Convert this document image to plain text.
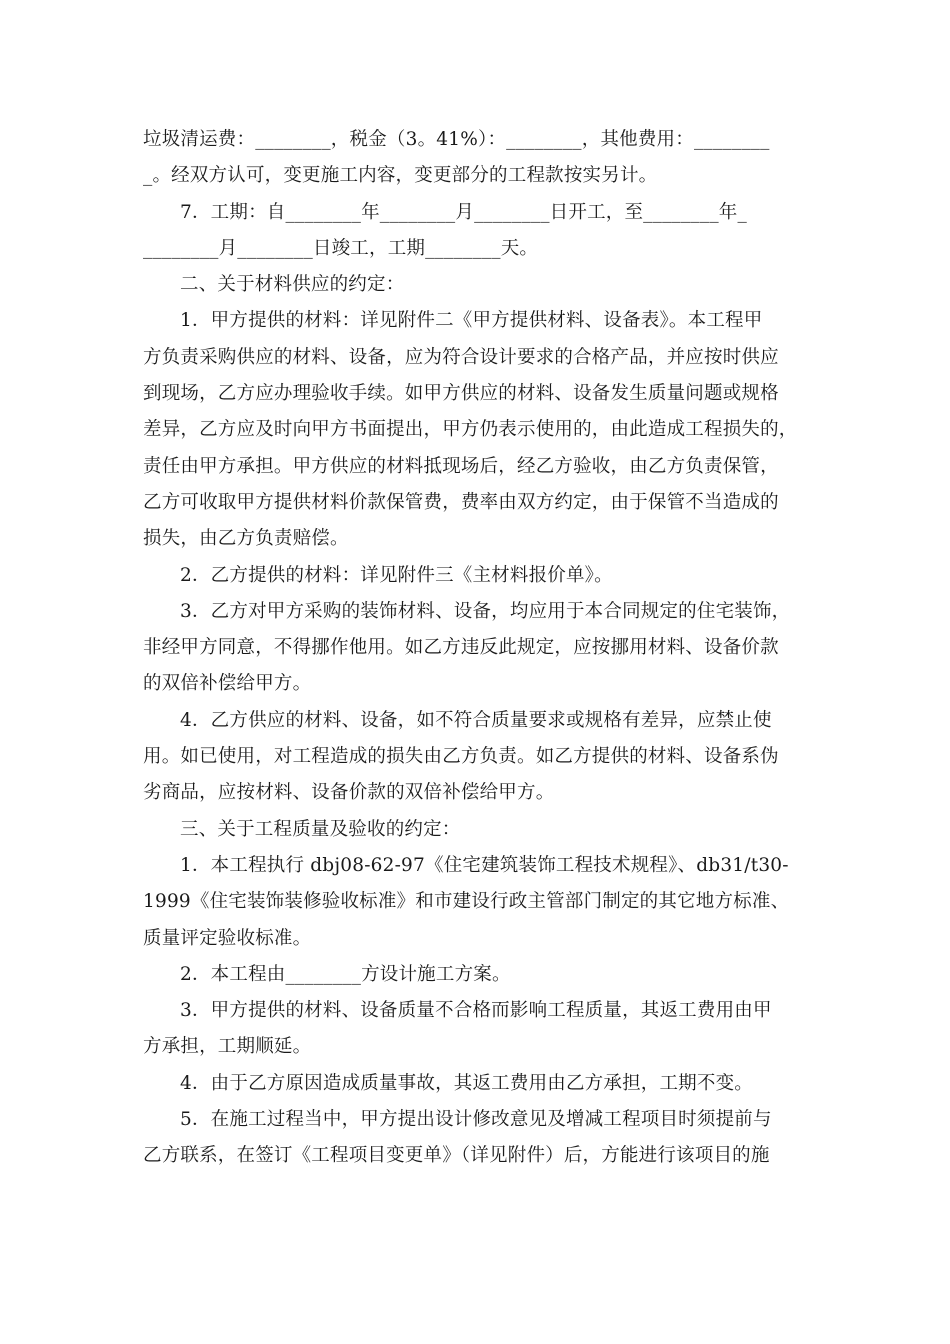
垃圾清运费：________，税金（3。41%）：________，其他费用：________
_。经双方认可，变更施工内容，变更部分的工程款按实另计。
7．工期：自________年________月________日开工，至________年_
________月________日竣工，工期________天。
二、关于材料供应的约定：
1．甲方提供的材料：详见附件二《甲方提供材料、设备表》。本工程甲
方负责采购供应的材料、设备，应为符合设计要求的合格产品，并应按时供应
到现场，乙方应办理验收手续。如甲方供应的材料、设备发生质量问题或规格
差异，乙方应及时向甲方书面提出，甲方仍表示使用的，由此造成工程损失的，
责任由甲方承担。甲方供应的材料抵现场后，经乙方验收，由乙方负责保管，
乙方可收取甲方提供材料价款保管费，费率由双方约定，由于保管不当造成的
损失，由乙方负责赔偿。
2．乙方提供的材料：详见附件三《主材料报价单》。
3．乙方对甲方采购的装饰材料、设备，均应用于本合同规定的住宅装饰，
非经甲方同意，不得挪作他用。如乙方违反此规定，应按挪用材料、设备价款
的双倍补偿给甲方。
4．乙方供应的材料、设备，如不符合质量要求或规格有差异，应禁止使
用。如已使用，对工程造成的损失由乙方负责。如乙方提供的材料、设备系伪
劣商品，应按材料、设备价款的双倍补偿给甲方。
三、关于工程质量及验收的约定：
1．本工程执行 dbj08-62-97《住宅建筑装饰工程技术规程》、db31/t30-
1999《住宅装饰装修验收标准》和市建设行政主管部门制定的其它地方标准、
质量评定验收标准。
2．本工程由________方设计施工方案。
3．甲方提供的材料、设备质量不合格而影响工程质量，其返工费用由甲
方承担，工期顺延。
4．由于乙方原因造成质量事故，其返工费用由乙方承担，工期不变。
5．在施工过程当中，甲方提出设计修改意见及增减工程项目时须提前与
乙方联系，在签订《工程项目变更单》（详见附件）后，方能进行该项目的施
